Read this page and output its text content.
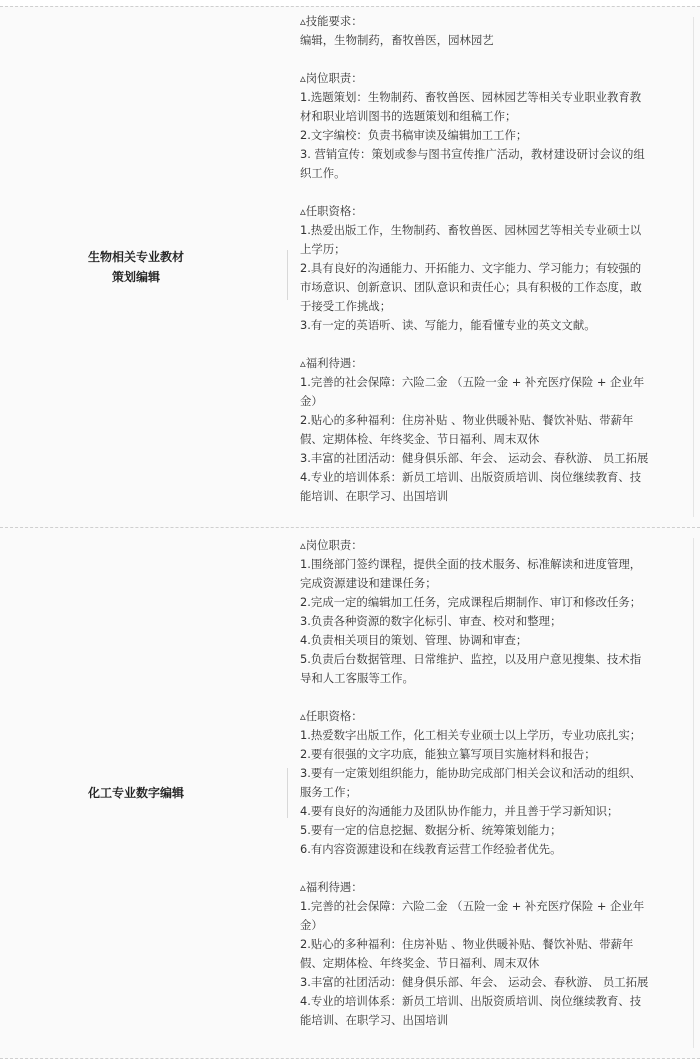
生物相关专业教材
策划编辑
▵技能要求：
编辑，生物制药，畜牧兽医，园林园艺
▵岗位职责：
1.选题策划：生物制药、畜牧兽医、园林园艺等相关专业职业教育教
材和职业培训图书的选题策划和组稿工作；
2.文字编校：负责书稿审读及编辑加工工作；
3. 营销宣传：策划或参与图书宣传推广活动，教材建设研讨会议的组
织工作。
▵任职资格：
1.热爱出版工作，生物制药、畜牧兽医、园林园艺等相关专业硕士以
上学历；
2.具有良好的沟通能力、开拓能力、文字能力、学习能力；有较强的
市场意识、创新意识、团队意识和责任心；具有积极的工作态度，敢
于接受工作挑战；
3.有一定的英语听、读、写能力，能看懂专业的英文文献。
▵福利待遇：
1.完善的社会保障：六险二金 （五险一金 + 补充医疗保险 + 企业年
金）
2.贴心的多种福利：住房补贴 、物业供暖补贴、餐饮补贴、带薪年
假、定期体检、年终奖金、节日福利、周末双休
3.丰富的社团活动：健身俱乐部、年会、 运动会、春秋游、 员工拓展
4.专业的培训体系：新员工培训、出版资质培训、岗位继续教育、技
能培训、在职学习、出国培训
化工专业数字编辑
▵岗位职责：
1.围绕部门签约课程，提供全面的技术服务、标准解读和进度管理，
完成资源建设和建课任务；
2.完成一定的编辑加工任务，完成课程后期制作、审订和修改任务；
3.负责各种资源的数字化标引、审查、校对和整理；
4.负责相关项目的策划、管理、协调和审查；
5.负责后台数据管理、日常维护、监控，以及用户意见搜集、技术指
导和人工客服等工作。
▵任职资格：
1.热爱数字出版工作，化工相关专业硕士以上学历，专业功底扎实；
2.要有很强的文字功底，能独立纂写项目实施材料和报告；
3.要有一定策划组织能力，能协助完成部门相关会议和活动的组织、
服务工作；
4.要有良好的沟通能力及团队协作能力，并且善于学习新知识；
5.要有一定的信息挖掘、数据分析、统筹策划能力；
6.有内容资源建设和在线教育运营工作经验者优先。
▵福利待遇：
1.完善的社会保障：六险二金 （五险一金 + 补充医疗保险 + 企业年
金）
2.贴心的多种福利：住房补贴 、物业供暖补贴、餐饮补贴、带薪年
假、定期体检、年终奖金、节日福利、周末双休
3.丰富的社团活动：健身俱乐部、年会、 运动会、春秋游、 员工拓展
4.专业的培训体系：新员工培训、出版资质培训、岗位继续教育、技
能培训、在职学习、出国培训
